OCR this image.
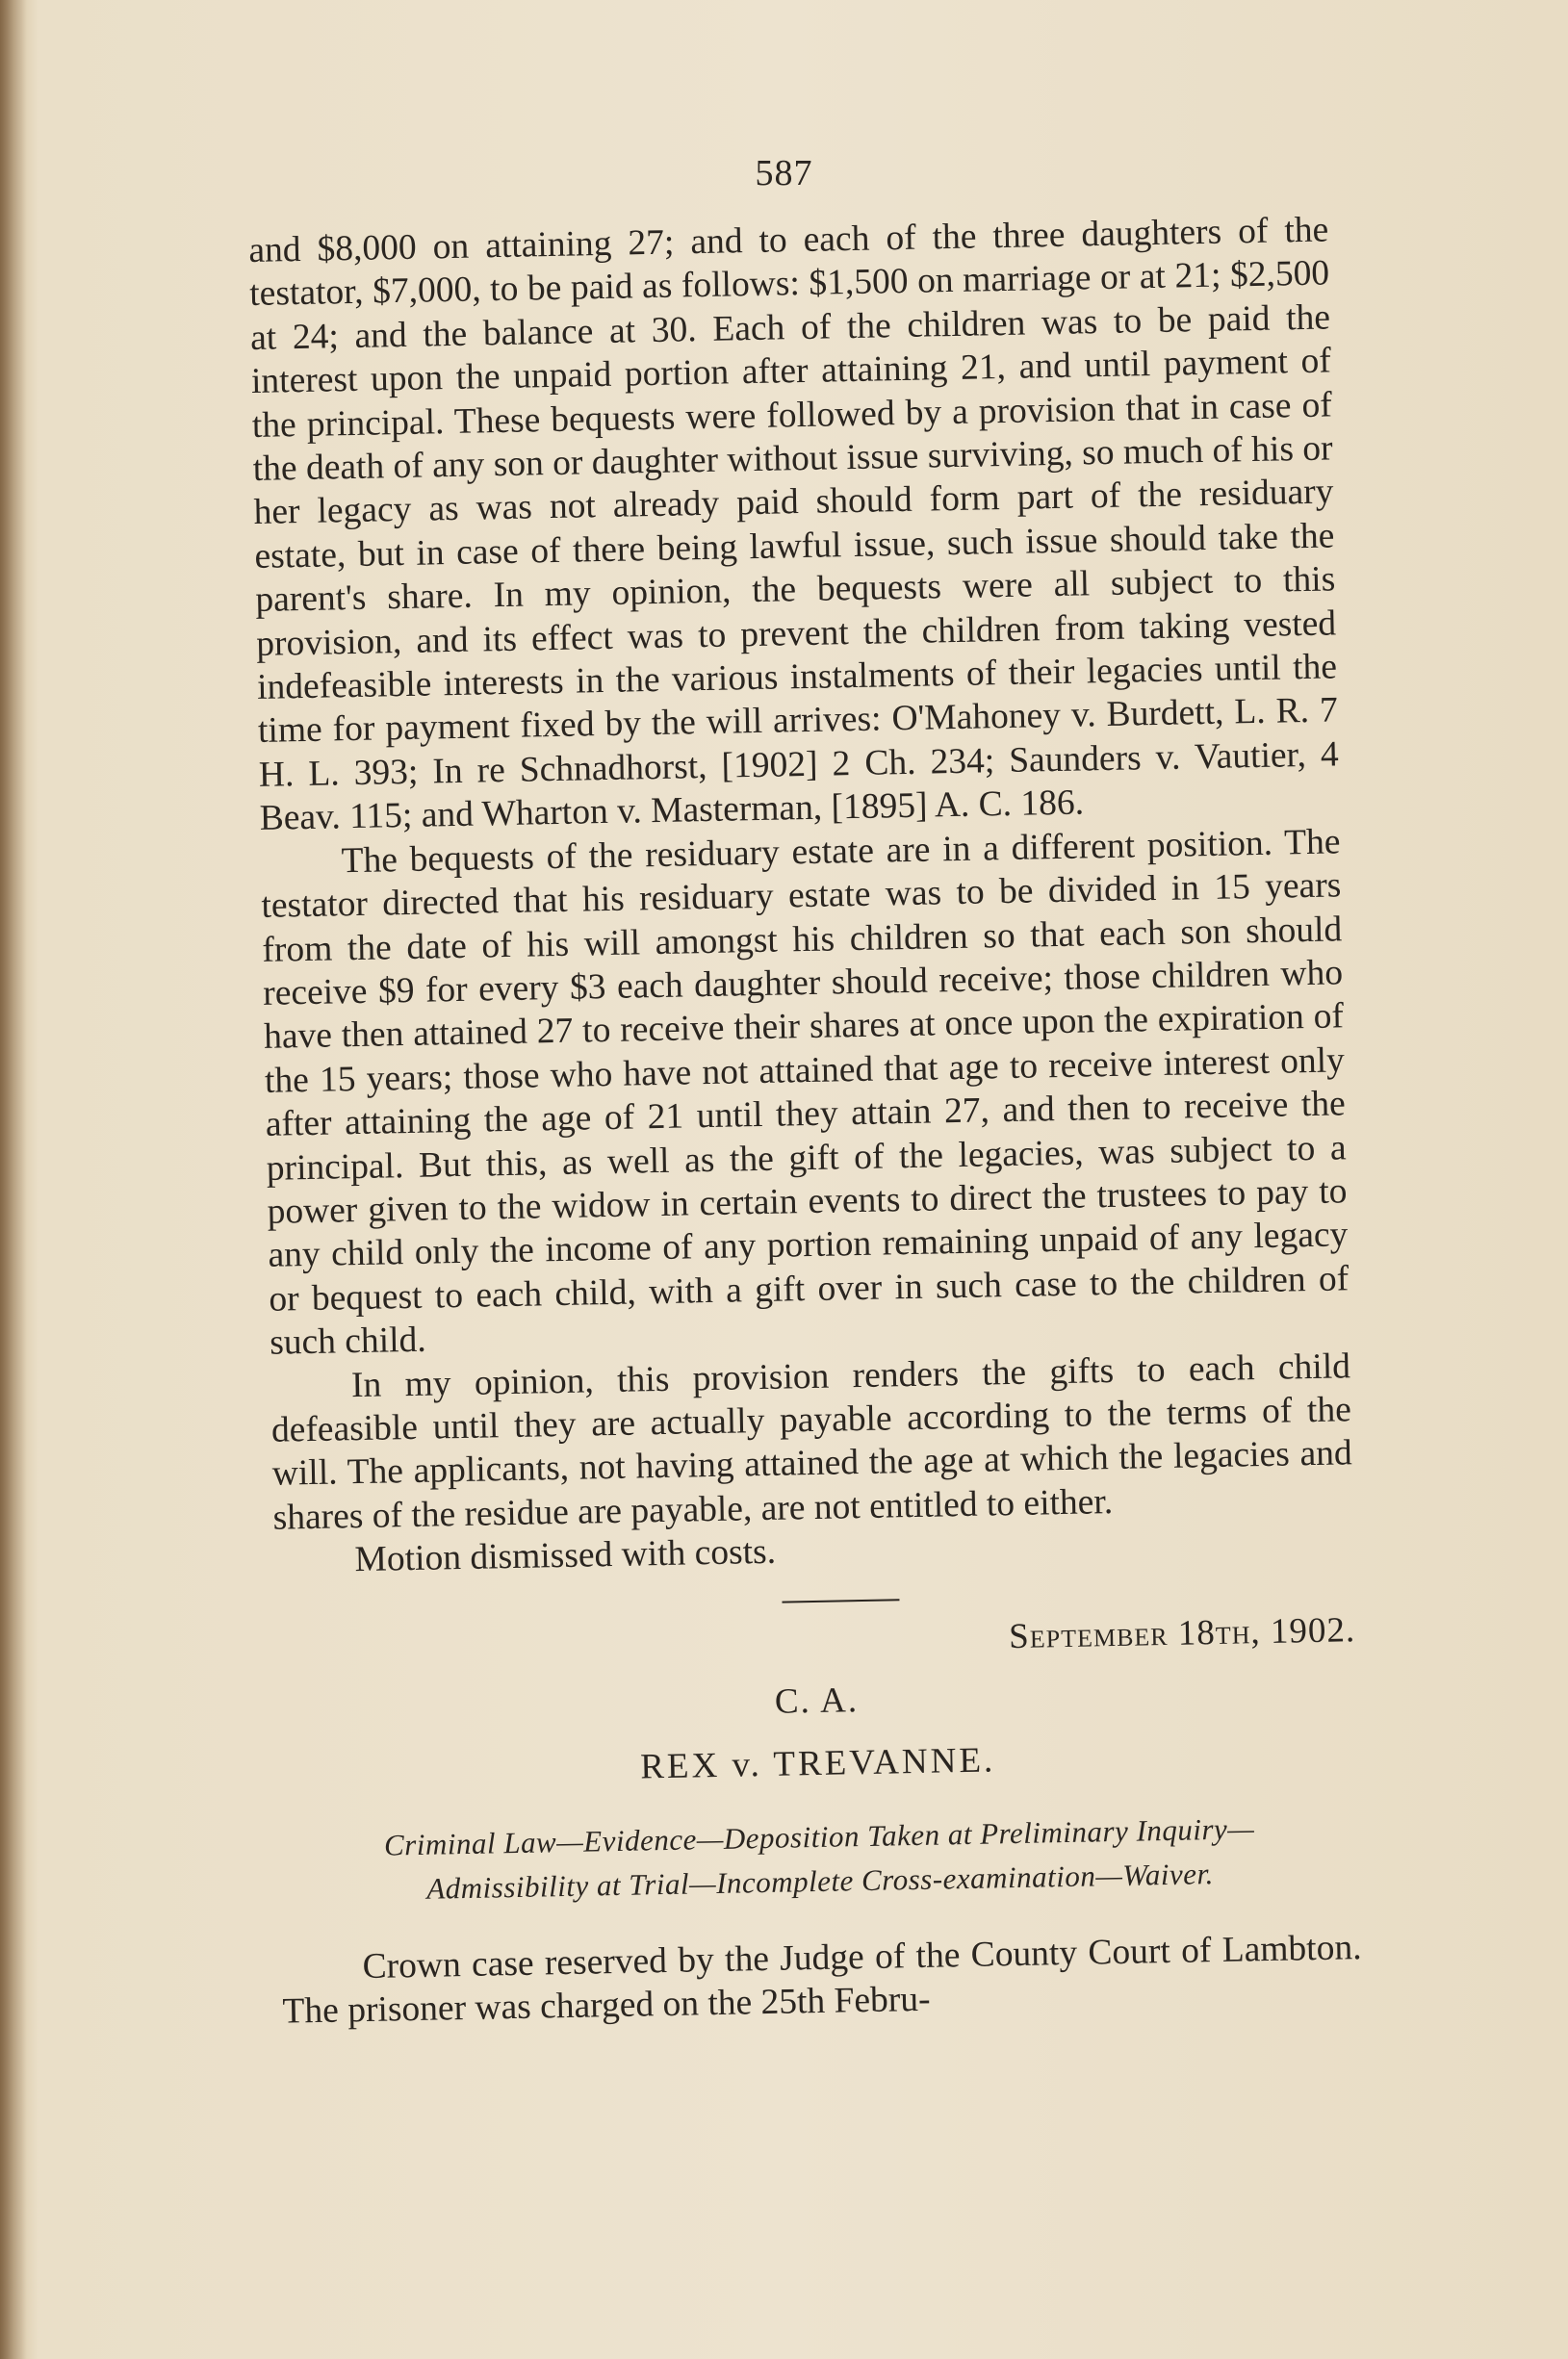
587

and $8,000 on attaining 27; and to each of the three daughters of the testator, $7,000, to be paid as follows: $1,500 on marriage or at 21; $2,500 at 24; and the balance at 30. Each of the children was to be paid the interest upon the unpaid portion after attaining 21, and until payment of the principal. These bequests were followed by a provision that in case of the death of any son or daughter without issue surviving, so much of his or her legacy as was not already paid should form part of the residuary estate, but in case of there being lawful issue, such issue should take the parent's share. In my opinion, the bequests were all subject to this provision, and its effect was to prevent the children from taking vested indefeasible interests in the various instalments of their legacies until the time for payment fixed by the will arrives: O'Mahoney v. Burdett, L. R. 7 H. L. 393; In re Schnadhorst, [1902] 2 Ch. 234; Saunders v. Vautier, 4 Beav. 115; and Wharton v. Masterman, [1895] A. C. 186.

The bequests of the residuary estate are in a different position. The testator directed that his residuary estate was to be divided in 15 years from the date of his will amongst his children so that each son should receive $9 for every $3 each daughter should receive; those children who have then attained 27 to receive their shares at once upon the expiration of the 15 years; those who have not attained that age to receive interest only after attaining the age of 21 until they attain 27, and then to receive the principal. But this, as well as the gift of the legacies, was subject to a power given to the widow in certain events to direct the trustees to pay to any child only the income of any portion remaining unpaid of any legacy or bequest to each child, with a gift over in such case to the children of such child.

In my opinion, this provision renders the gifts to each child defeasible until they are actually payable according to the terms of the will. The applicants, not having attained the age at which the legacies and shares of the residue are payable, are not entitled to either.

Motion dismissed with costs.

September 18th, 1902.
C. A.
REX v. TREVANNE.
Criminal Law—Evidence—Deposition Taken at Preliminary Inquiry—
Admissibility at Trial—Incomplete Cross-examination—Waiver.

Crown case reserved by the Judge of the County Court of Lambton. The prisoner was charged on the 25th Febru-
